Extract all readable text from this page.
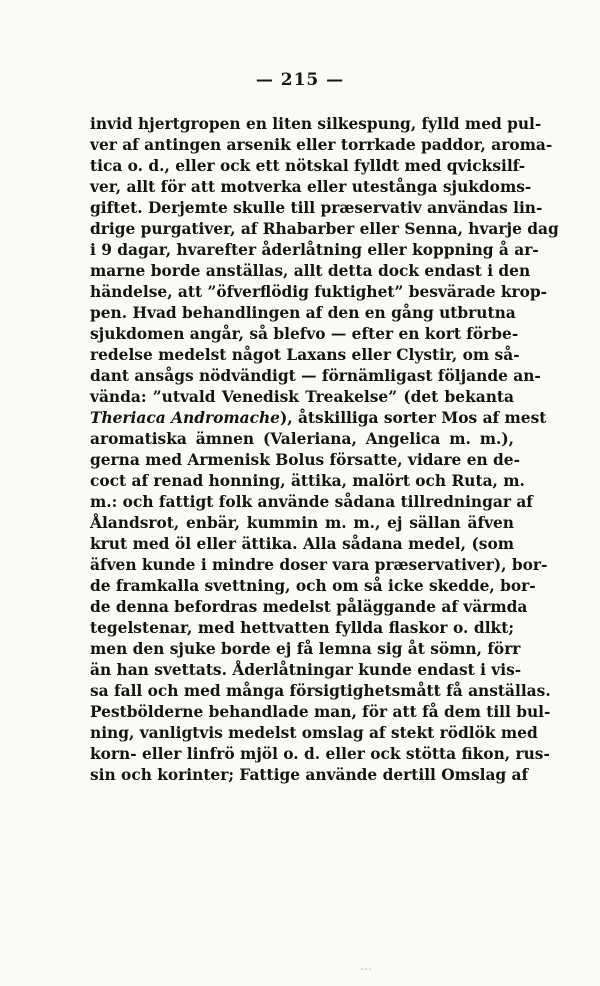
— 215 —
invid hjertgropen en liten silkespung, fylld med pul-
ver af antingen arsenik eller torrkade paddor, aroma-
tica o. d., eller ock ett nötskal fylldt med qvicksilf-
ver, allt för att motverka eller utestånga sjukdoms-
giftet. Derjemte skulle till præservativ användas lin-
drige purgativer, af Rhabarber eller Senna, hvarje dag
i 9 dagar, hvarefter åderlåtning eller koppning å ar-
marne borde anställas, allt detta dock endast i den
händelse, att ”öfverflödig fuktighet” besvärade krop-
pen. Hvad behandlingen af den en gång utbrutna
sjukdomen angår, så blefvo — efter en kort förbe-
redelse medelst något Laxans eller Clystir, om så-
dant ansågs nödvändigt — förnämligast följande an-
vända: ”utvald Venedisk Treakelse” (det bekanta
Theriaca Andromache), åtskilliga sorter Mos af mest
aromatiska ämnen (Valeriana, Angelica m. m.),
gerna med Armenisk Bolus försatte, vidare en de-
coct af renad honning, ättika, malört och Ruta, m.
m.: och fattigt folk använde sådana tillredningar af
Ålandsrot, enbär, kummin m. m., ej sällan äfven
krut med öl eller ättika. Alla sådana medel, (som
äfven kunde i mindre doser vara præservativer), bor-
de framkalla svettning, och om så icke skedde, bor-
de denna befordras medelst påläggande af värmda
tegelstenar, med hettvatten fyllda flaskor o. dlkt;
men den sjuke borde ej få lemna sig åt sömn, förr
än han svettats. Åderlåtningar kunde endast i vis-
sa fall och med många försigtighetsmått få anställas.
Pestbölderne behandlade man, för att få dem till bul-
ning, vanligtvis medelst omslag af stekt rödlök med
korn- eller linfrö mjöl o. d. eller ock stötta fikon, rus-
sin och korinter; Fattige använde dertill Omslag af
⁃⁃⁃
